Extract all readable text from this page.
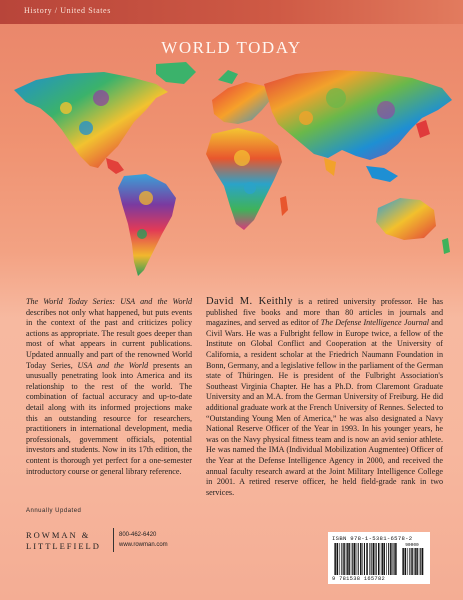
History / United States
WORLD TODAY
The World Today Series: USA and the World describes not only what happened, but puts events in the context of the past and criticizes policy actions as appropriate. The result goes deeper than most of what appears in current publications. Updated annually and part of the renowned World Today Series, USA and the World presents an unusually penetrating look into America and its relationship to the rest of the world. The combination of factual accuracy and up-to-date detail along with its informed projections make this an outstanding resource for researchers, practitioners in international development, media professionals, government officials, potential investors and students. Now in its 17th edition, the content is thorough yet perfect for a one-semester introductory course or general library reference.
David M. Keithly is a retired university professor. He has published five books and more than 80 articles in journals and magazines, and served as editor of The Defense Intelligence Journal and Civil Wars. He was a Fulbright fellow in Europe twice, a fellow of the Institute on Global Conflict and Cooperation at the University of California, a resident scholar at the Friedrich Naumann Foundation in Bonn, Germany, and a legislative fellow in the parliament of the German state of Thüringen. He is president of the Fulbright Association's Southeast Virginia Chapter. He has a Ph.D. from Claremont Graduate University and an M.A. from the German University of Freiburg. He did additional graduate work at the French University of Rennes. Selected to “Outstanding Young Men of America,” he was also designated a Navy National Reserve Officer of the Year in 1993. In his younger years, he was on the Navy physical fitness team and is now an avid senior athlete. He was named the IMA (Individual Mobilization Augmentee) Officer of the Year at the Defense Intelligence Agency in 2000, and received the annual faculty research award at the Joint Military Intelligence College in 2001. A retired reserve officer, he held field-grade rank in two services.
Annually Updated
ROWMAN &
LITTLEFIELD
800-462-6420
www.rowman.com
ISBN 978-1-5381-6578-2
90000
9 781538 165782
